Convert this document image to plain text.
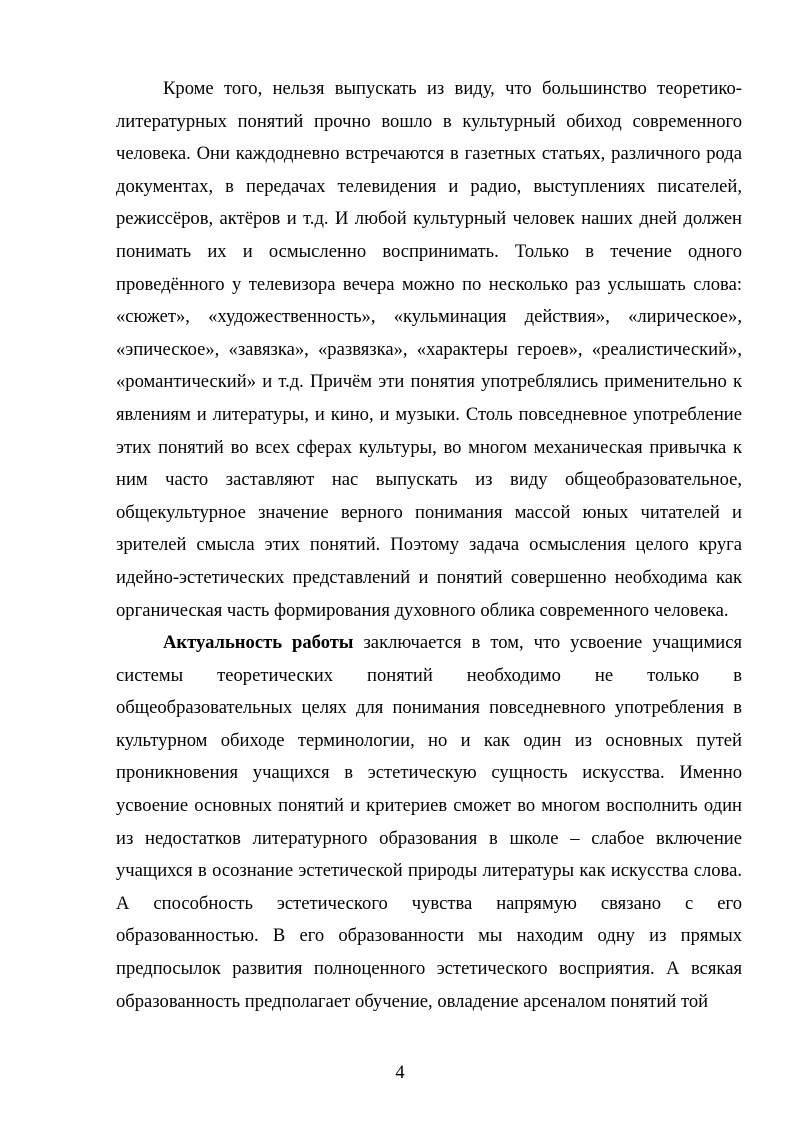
Кроме того, нельзя выпускать из виду, что большинство теоретико-литературных понятий прочно вошло в культурный обиход современного человека. Они каждодневно встречаются в газетных статьях, различного рода документах, в передачах телевидения и радио, выступлениях писателей, режиссёров, актёров и т.д. И любой культурный человек наших дней должен понимать их и осмысленно воспринимать. Только в течение одного проведённого у телевизора вечера можно по несколько раз услышать слова: «сюжет», «художественность», «кульминация действия», «лирическое», «эпическое», «завязка», «развязка», «характеры героев», «реалистический», «романтический» и т.д. Причём эти понятия употреблялись применительно к явлениям и литературы, и кино, и музыки. Столь повседневное употребление этих понятий во всех сферах культуры, во многом механическая привычка к ним часто заставляют нас выпускать из виду общеобразовательное, общекультурное значение верного понимания массой юных читателей и зрителей смысла этих понятий. Поэтому задача осмысления целого круга идейно-эстетических представлений и понятий совершенно необходима как органическая часть формирования духовного облика современного человека.

Актуальность работы заключается в том, что усвоение учащимися системы теоретических понятий необходимо не только в общеобразовательных целях для понимания повседневного употребления в культурном обиходе терминологии, но и как один из основных путей проникновения учащихся в эстетическую сущность искусства. Именно усвоение основных понятий и критериев сможет во многом восполнить один из недостатков литературного образования в школе – слабое включение учащихся в осознание эстетической природы литературы как искусства слова. А способность эстетического чувства напрямую связано с его образованностью. В его образованности мы находим одну из прямых предпосылок развития полноценного эстетического восприятия. А всякая образованность предполагает обучение, овладение арсеналом понятий той

4
